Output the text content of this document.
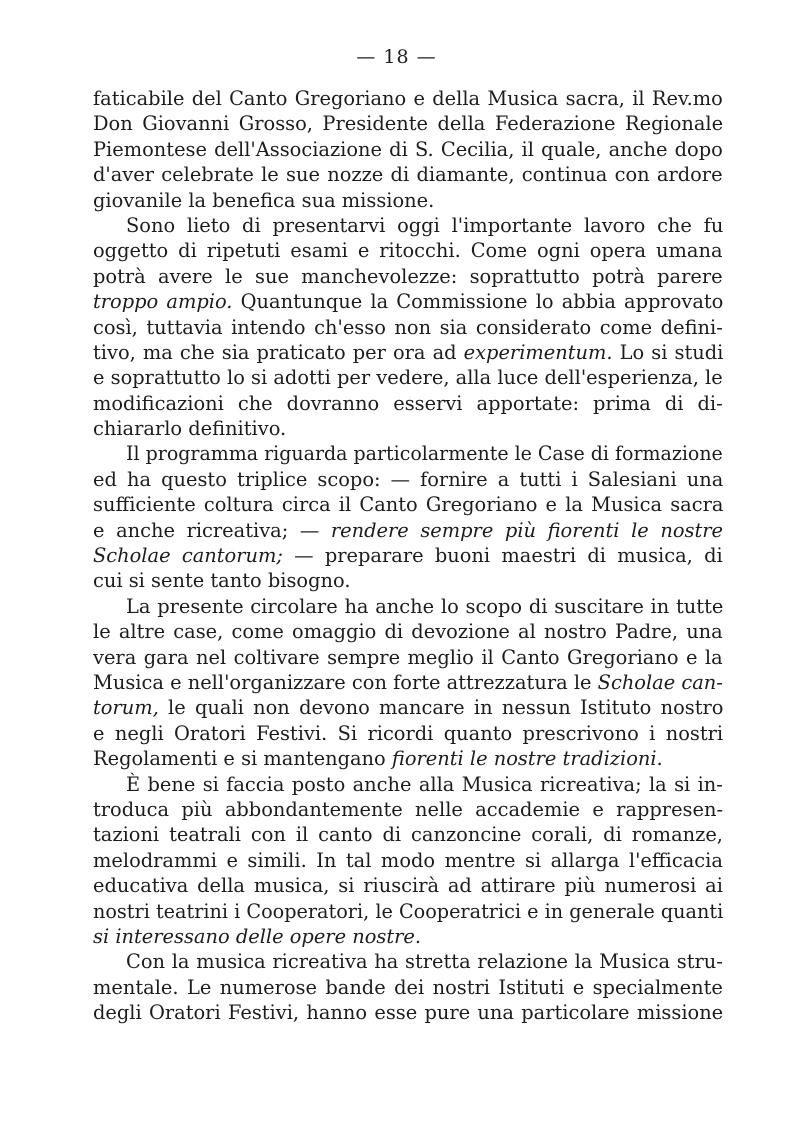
— 18 —
faticabile del Canto Gregoriano e della Musica sacra, il Rev.mo
Don Giovanni Grosso, Presidente della Federazione Regionale
Piemontese dell'Associazione di S. Cecilia, il quale, anche dopo
d'aver celebrate le sue nozze di diamante, continua con ardore
giovanile la benefica sua missione.
Sono lieto di presentarvi oggi l'importante lavoro che fu
oggetto di ripetuti esami e ritocchi. Come ogni opera umana
potrà avere le sue manchevolezze: soprattutto potrà parere
troppo ampio. Quantunque la Commissione lo abbia approvato
così, tuttavia intendo ch'esso non sia considerato come defini-
tivo, ma che sia praticato per ora ad experimentum. Lo si studi
e soprattutto lo si adotti per vedere, alla luce dell'esperienza, le
modificazioni che dovranno esservi apportate: prima di di-
chiararlo definitivo.
Il programma riguarda particolarmente le Case di formazione
ed ha questo triplice scopo: — fornire a tutti i Salesiani una
sufficiente coltura circa il Canto Gregoriano e la Musica sacra
e anche ricreativa; — rendere sempre più fiorenti le nostre
Scholae cantorum; — preparare buoni maestri di musica, di
cui si sente tanto bisogno.
La presente circolare ha anche lo scopo di suscitare in tutte
le altre case, come omaggio di devozione al nostro Padre, una
vera gara nel coltivare sempre meglio il Canto Gregoriano e la
Musica e nell'organizzare con forte attrezzatura le Scholae can-
torum, le quali non devono mancare in nessun Istituto nostro
e negli Oratori Festivi. Si ricordi quanto prescrivono i nostri
Regolamenti e si mantengano fiorenti le nostre tradizioni.
È bene si faccia posto anche alla Musica ricreativa; la si in-
troduca più abbondantemente nelle accademie e rappresen-
tazioni teatrali con il canto di canzoncine corali, di romanze,
melodrammi e simili. In tal modo mentre si allarga l'efficacia
educativa della musica, si riuscirà ad attirare più numerosi ai
nostri teatrini i Cooperatori, le Cooperatrici e in generale quanti
si interessano delle opere nostre.
Con la musica ricreativa ha stretta relazione la Musica stru-
mentale. Le numerose bande dei nostri Istituti e specialmente
degli Oratori Festivi, hanno esse pure una particolare missione
